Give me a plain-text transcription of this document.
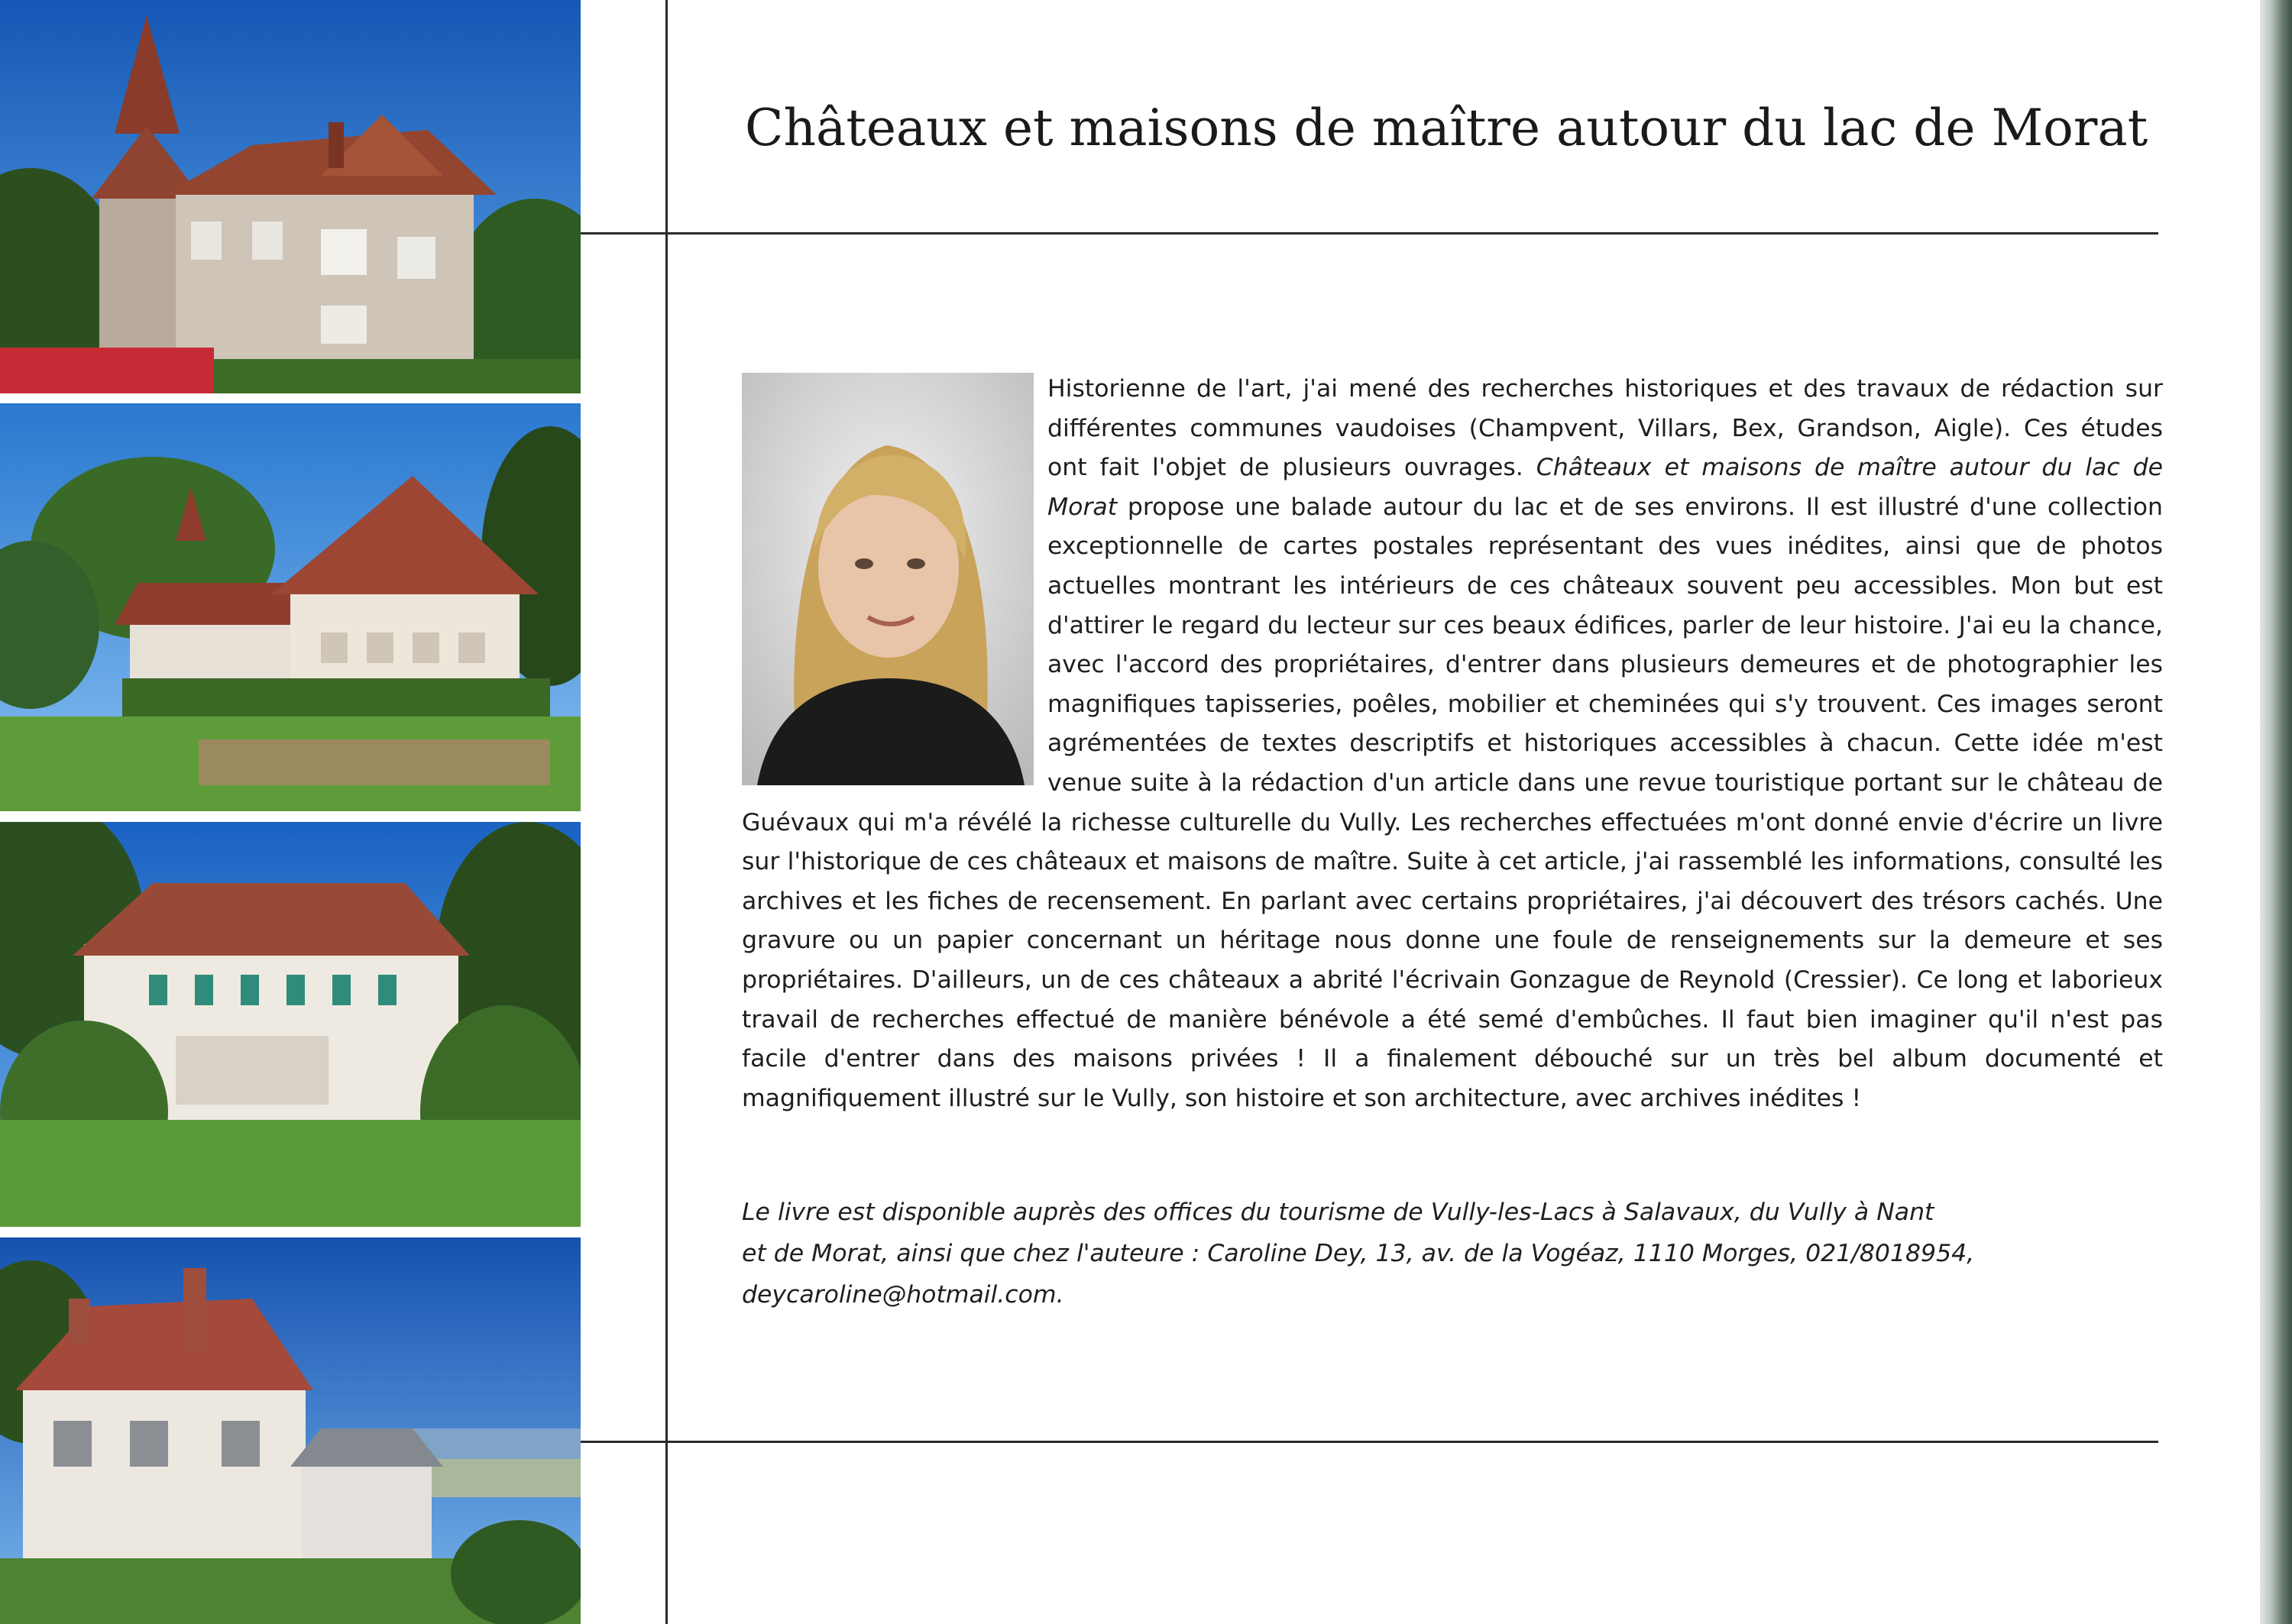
Châteaux et maisons de maître autour du lac de Morat

Historienne de l'art, j'ai mené des recherches historiques et des travaux de rédaction sur différentes communes vaudoises (Champvent, Villars, Bex, Grandson, Aigle). Ces études ont fait l'objet de plusieurs ouvrages. Châteaux et maisons de maître autour du lac de Morat propose une balade autour du lac et de ses environs. Il est illustré d'une collection exceptionnelle de cartes postales représentant des vues inédites, ainsi que de photos actuelles montrant les intérieurs de ces châteaux souvent peu accessibles. Mon but est d'attirer le regard du lecteur sur ces beaux édifices, parler de leur histoire. J'ai eu la chance, avec l'accord des propriétaires, d'entrer dans plusieurs demeures et de photographier les magnifiques tapisseries, poêles, mobilier et cheminées qui s'y trouvent. Ces images seront agrémentées de textes descriptifs et historiques accessibles à chacun. Cette idée m'est venue suite à la rédaction d'un article dans une revue touristique portant sur le château de Guévaux qui m'a révélé la richesse culturelle du Vully. Les recherches effectuées m'ont donné envie d'écrire un livre sur l'historique de ces châteaux et maisons de maître. Suite à cet article, j'ai rassemblé les informations, consulté les archives et les fiches de recensement. En parlant avec certains propriétaires, j'ai découvert des trésors cachés. Une gravure ou un papier concernant un héritage nous donne une foule de renseignements sur la demeure et ses propriétaires. D'ailleurs, un de ces châteaux a abrité l'écrivain Gonzague de Reynold (Cressier). Ce long et laborieux travail de recherches effectué de manière bénévole a été semé d'embûches. Il faut bien imaginer qu'il n'est pas facile d'entrer dans des maisons privées ! Il a finalement débouché sur un très bel album documenté et magnifiquement illustré sur le Vully, son histoire et son architecture, avec archives inédites !

Le livre est disponible auprès des offices du tourisme de Vully-les-Lacs à Salavaux, du Vully à Nant
et de Morat, ainsi que chez l'auteure : Caroline Dey, 13, av. de la Vogéaz, 1110 Morges, 021/8018954,
deycaroline@hotmail.com.
